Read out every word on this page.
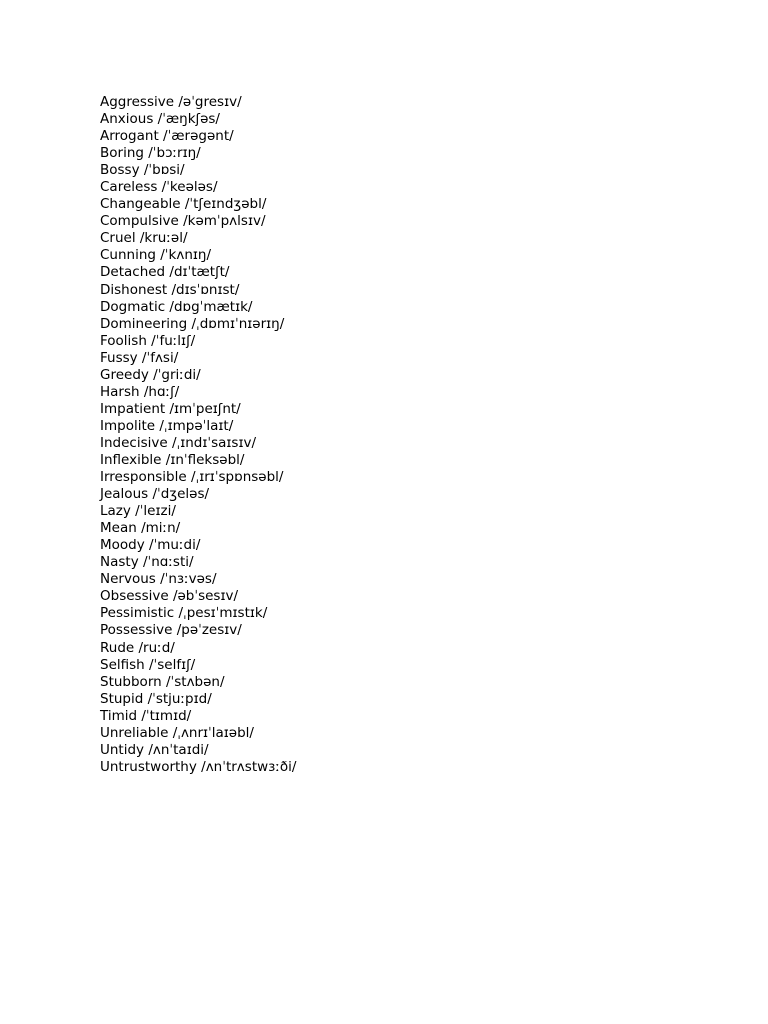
Aggressive /əˈgresɪv/
Anxious /ˈæŋkʃəs/
Arrogant /ˈærəgənt/
Boring /ˈbɔːrɪŋ/
Bossy /ˈbɒsi/
Careless /ˈkeələs/
Changeable /ˈtʃeɪndʒəbl/
Compulsive /kəmˈpʌlsɪv/
Cruel /kruːəl/
Cunning /ˈkʌnɪŋ/
Detached /dɪˈtætʃt/
Dishonest /dɪsˈɒnɪst/
Dogmatic /dɒgˈmætɪk/
Domineering /ˌdɒmɪˈnɪərɪŋ/
Foolish /ˈfuːlɪʃ/
Fussy /ˈfʌsi/
Greedy /ˈgriːdi/
Harsh /hɑːʃ/
Impatient /ɪmˈpeɪʃnt/
Impolite /ˌɪmpəˈlaɪt/
Indecisive /ˌɪndɪˈsaɪsɪv/
Inflexible /ɪnˈfleksəbl/
Irresponsible /ˌɪrɪˈspɒnsəbl/
Jealous /ˈdʒeləs/
Lazy /ˈleɪzi/
Mean /miːn/
Moody /ˈmuːdi/
Nasty /ˈnɑːsti/
Nervous /ˈnɜːvəs/
Obsessive /əbˈsesɪv/
Pessimistic /ˌpesɪˈmɪstɪk/
Possessive /pəˈzesɪv/
Rude /ruːd/
Selfish /ˈselfɪʃ/
Stubborn /ˈstʌbən/
Stupid /ˈstjuːpɪd/
Timid /ˈtɪmɪd/
Unreliable /ˌʌnrɪˈlaɪəbl/
Untidy /ʌnˈtaɪdi/
Untrustworthy /ʌnˈtrʌstwɜːði/
